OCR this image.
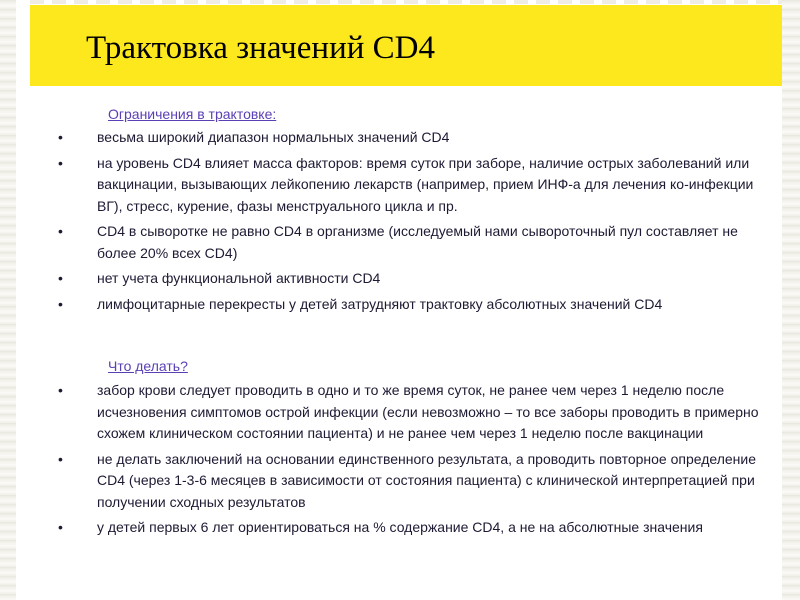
Трактовка значений CD4

Ограничения в трактовке:

• весьма широкий диапазон нормальных значений CD4
• на уровень CD4 влияет масса факторов: время суток при заборе, наличие острых заболеваний или вакцинации, вызывающих лейкопению лекарств (например, прием ИНФ-а для лечения ко-инфекции ВГ), стресс, курение, фазы менструального цикла и пр.
• CD4 в сыворотке не равно CD4 в организме (исследуемый нами сывороточный пул составляет не более 20% всех CD4)
• нет учета функциональной активности CD4
• лимфоцитарные перекресты у детей затрудняют трактовку абсолютных значений CD4

Что делать?

• забор крови следует проводить в одно и то же время суток, не ранее чем через 1 неделю после исчезновения симптомов острой инфекции (если невозможно – то все заборы проводить в примерно схожем клиническом состоянии пациента) и не ранее чем через 1 неделю после вакцинации
• не делать заключений на основании единственного результата, а проводить повторное определение CD4 (через 1-3-6 месяцев в зависимости от состояния пациента) с клинической интерпретацией при получении сходных результатов
• у детей первых 6 лет ориентироваться на % содержание CD4, а не на абсолютные значения
